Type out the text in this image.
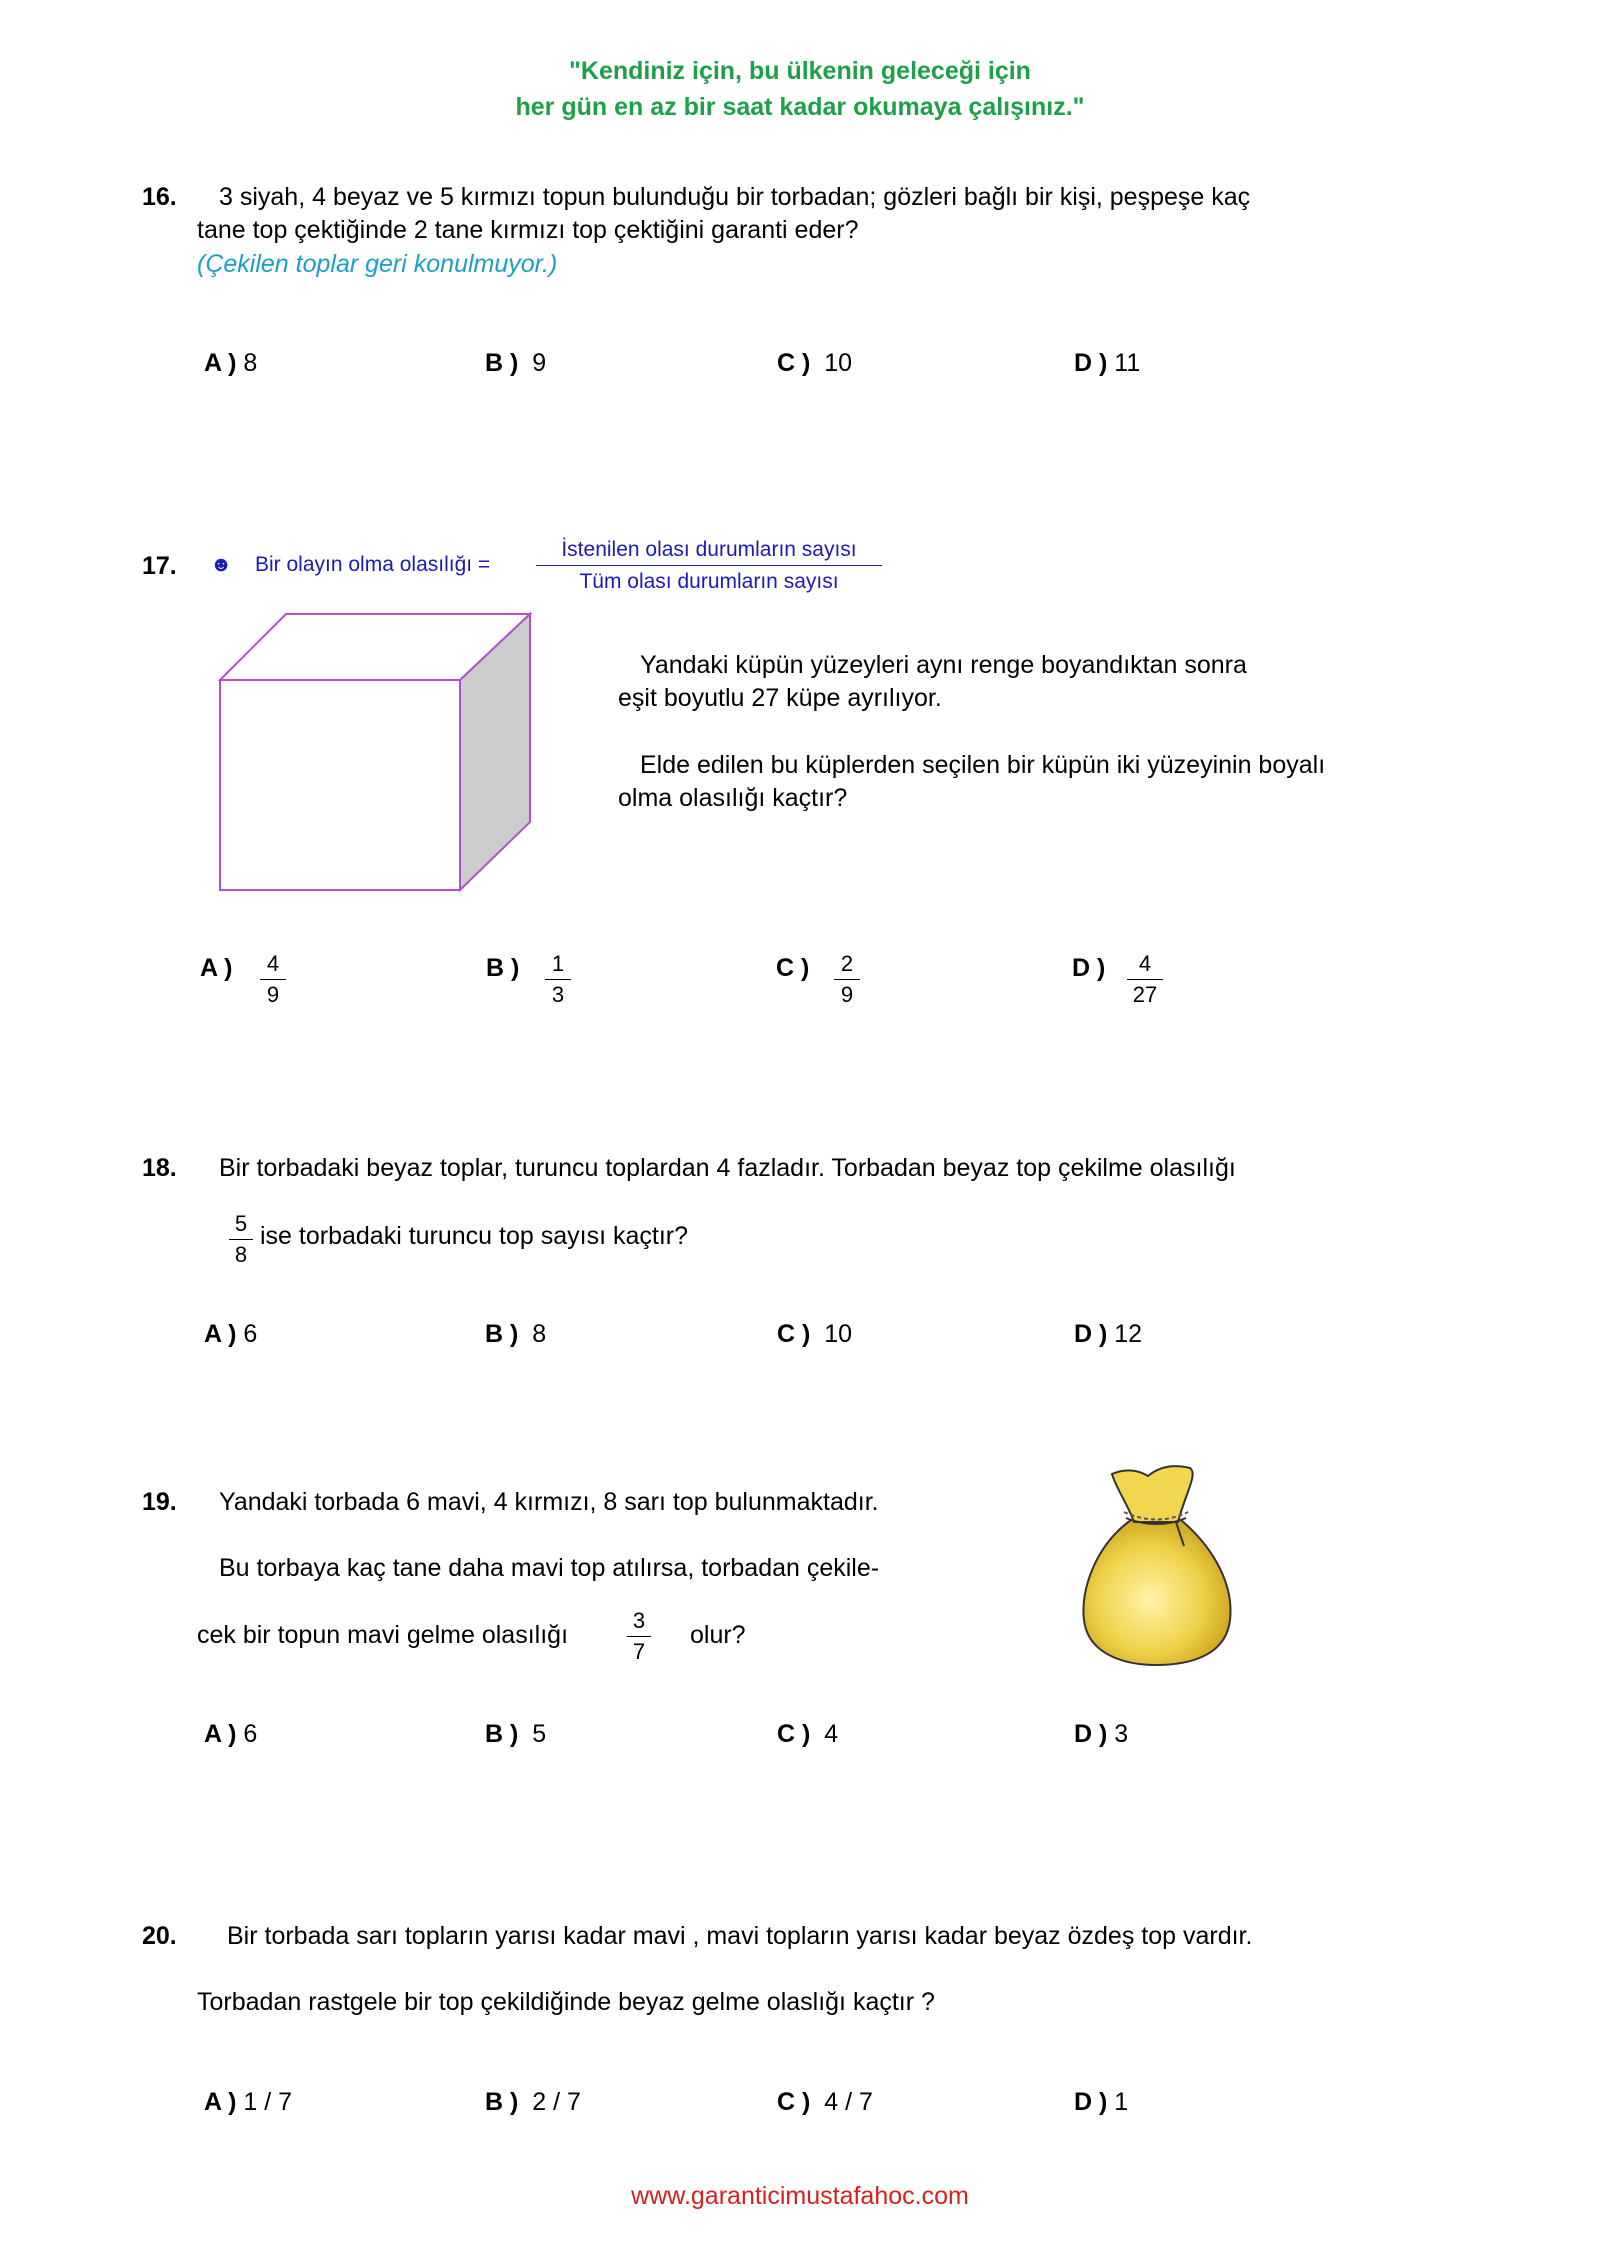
"Kendiniz için, bu ülkenin geleceği için
her gün en az bir saat kadar okumaya çalışınız."
16. 3 siyah, 4 beyaz ve 5 kırmızı topun bulunduğu bir torbadan; gözleri bağlı bir kişi, peşpeşe kaç
tane top çektiğinde 2 tane kırmızı top çektiğini garanti eder?
(Çekilen toplar geri konulmuyor.)
A ) 8	B ) 9	C ) 10	D ) 11
17. ☻ Bir olayın olma olasılığı =
İstenilen olası durumların sayısı
Tüm olası durumların sayısı
Yandaki küpün yüzeyleri aynı renge boyandıktan sonra
eşit boyutlu 27 küpe ayrılıyor.
Elde edilen bu küplerden seçilen bir küpün iki yüzeyinin boyalı
olma olasılığı kaçtır?
A ) $\frac{4}{9}$	B ) $\frac{1}{3}$	C ) $\frac{2}{9}$	D ) $\frac{4}{27}$
18. Bir torbadaki beyaz toplar, turuncu toplardan 4 fazladır. Torbadan beyaz top çekilme olasılığı
$\frac{5}{8}$ ise torbadaki turuncu top sayısı kaçtır?
A ) 6	B ) 8	C ) 10	D ) 12
19. Yandaki torbada 6 mavi, 4 kırmızı, 8 sarı top bulunmaktadır.
Bu torbaya kaç tane daha mavi top atılırsa, torbadan çekile-
cek bir topun mavi gelme olasılığı	$\frac{3}{7}$ olur?
A ) 6	B ) 5	C ) 4	D ) 3
20. Bir torbada sarı topların yarısı kadar mavi , mavi topların yarısı kadar beyaz özdeş top vardır.
Torbadan rastgele bir top çekildiğinde beyaz gelme olaslığı kaçtır ?
A ) 1 / 7	B ) 2 / 7	C ) 4 / 7	D ) 1
www.garanticimustafahoc.com
